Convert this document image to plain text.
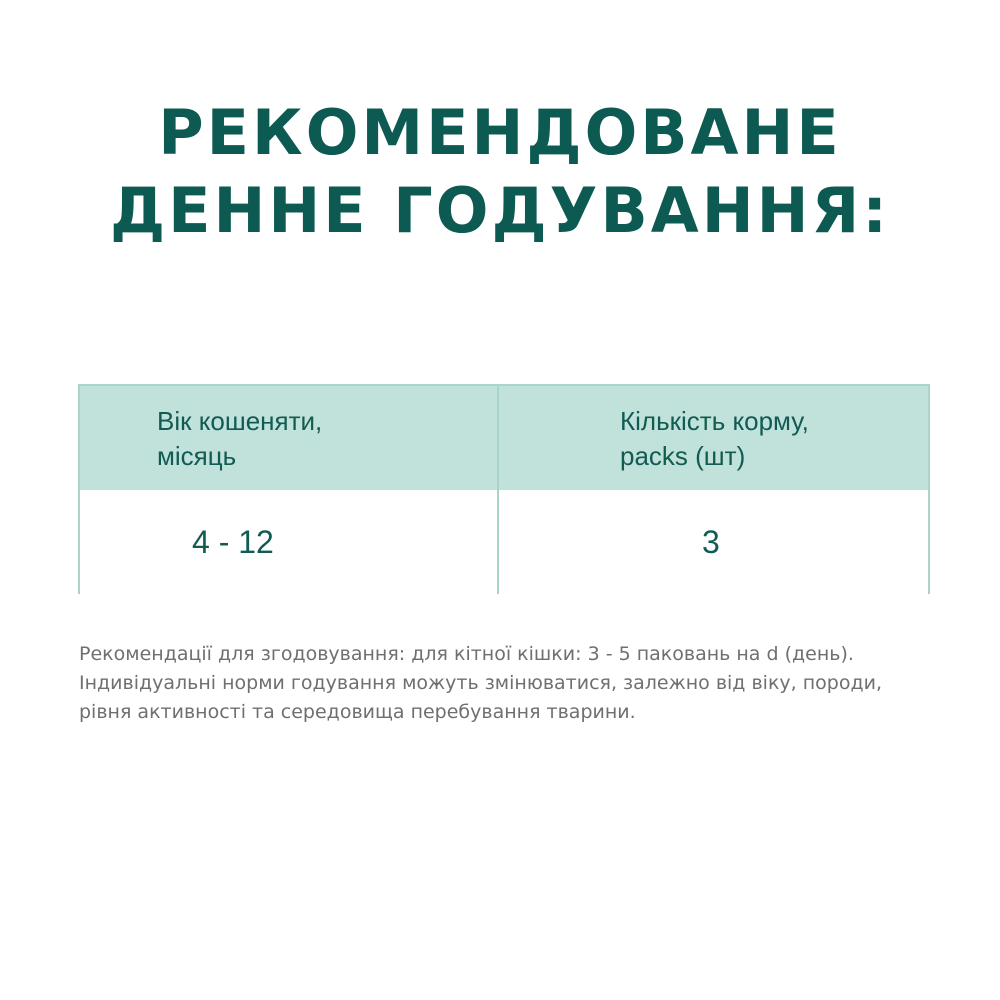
РЕКОМЕНДОВАНЕ
ДЕННЕ ГОДУВАННЯ:
Вік кошеняти,
місяць
Кількість корму,
packs (шт)
4 - 12	3
Рекомендації для згодовування: для кітної кішки: 3 - 5 паковань на d (день).
Індивідуальні норми годування можуть змінюватися, залежно від віку, породи,
рівня активності та середовища перебування тварини.
